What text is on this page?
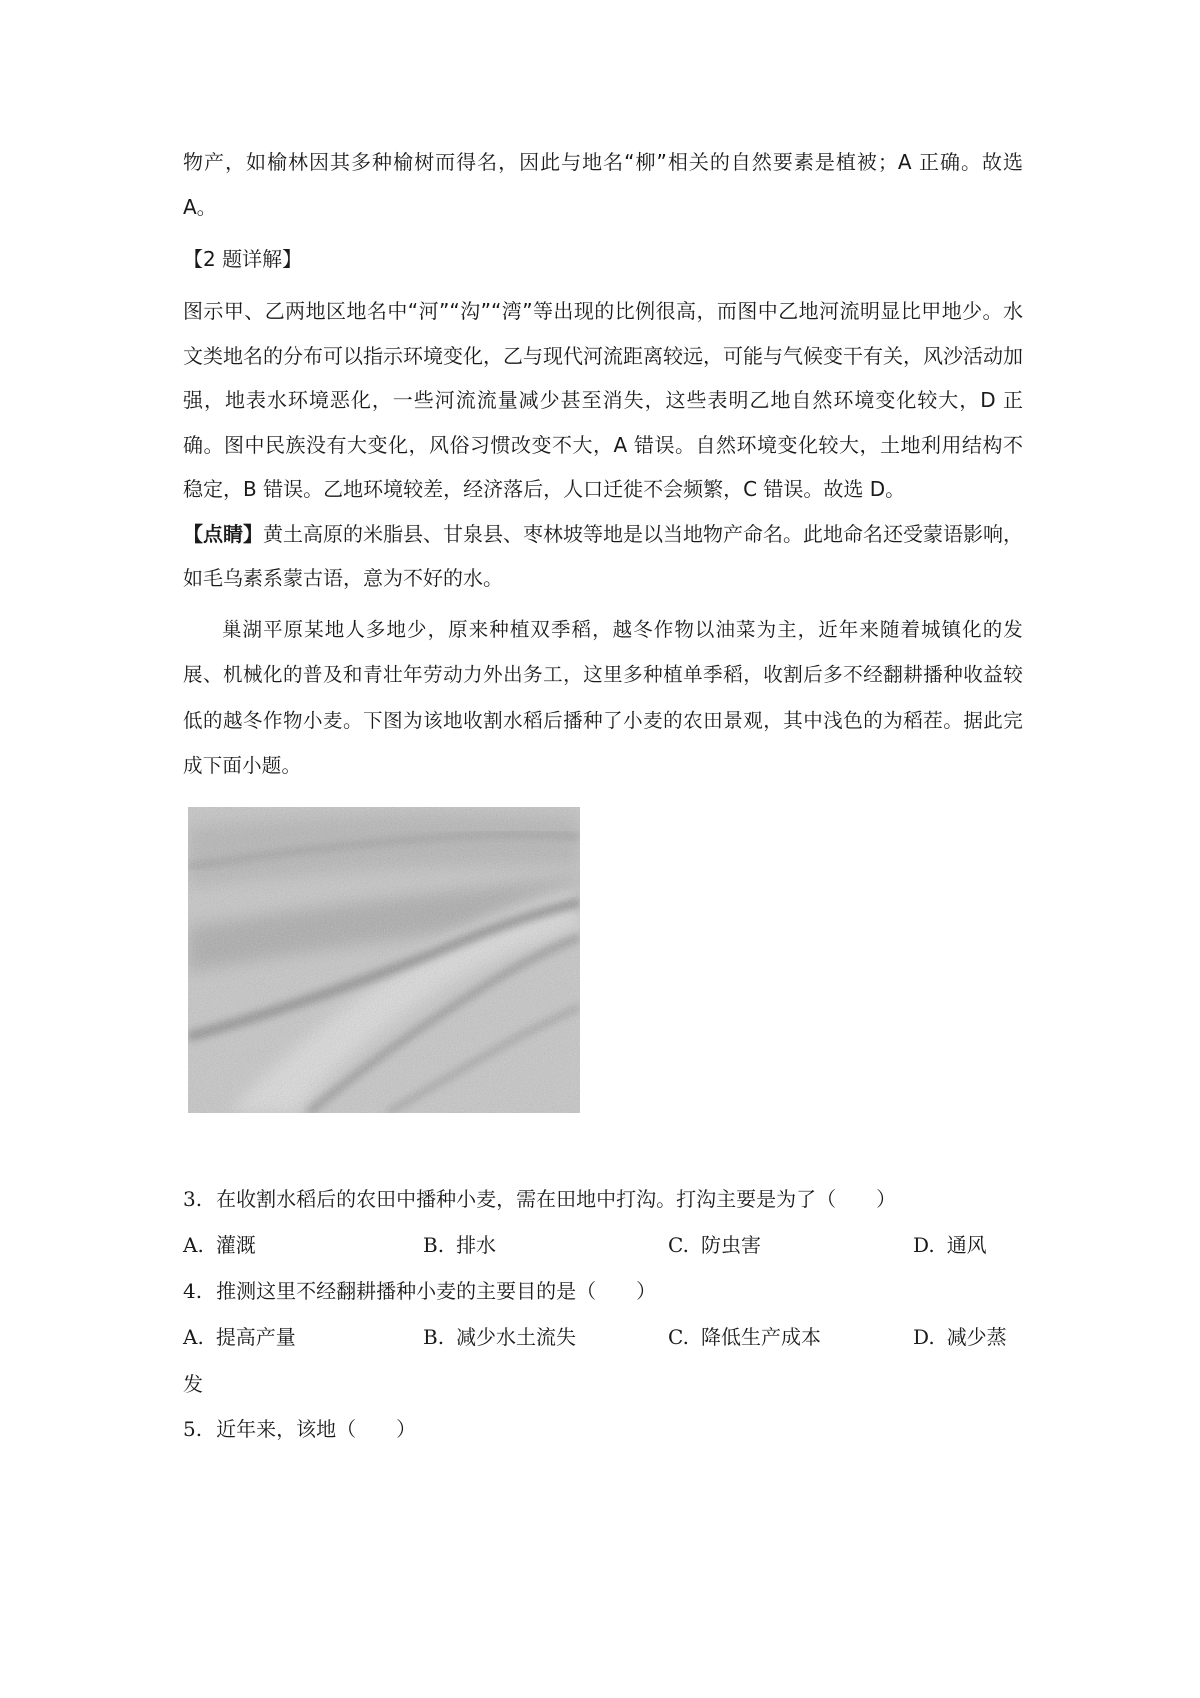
物产，如榆林因其多种榆树而得名，因此与地名“柳”相关的自然要素是植被；A 正确。故选 A。

【2 题详解】

图示甲、乙两地区地名中“河”“沟”“湾”等出现的比例很高，而图中乙地河流明显比甲地少。水文类地名的分布可以指示环境变化，乙与现代河流距离较远，可能与气候变干有关，风沙活动加强，地表水环境恶化，一些河流流量减少甚至消失，这些表明乙地自然环境变化较大，D 正确。图中民族没有大变化，风俗习惯改变不大，A 错误。自然环境变化较大，土地利用结构不稳定，B 错误。乙地环境较差，经济落后，人口迁徙不会频繁，C 错误。故选 D。

【点睛】黄土高原的米脂县、甘泉县、枣林坡等地是以当地物产命名。此地命名还受蒙语影响，如毛乌素系蒙古语，意为不好的水。

巢湖平原某地人多地少，原来种植双季稻，越冬作物以油菜为主，近年来随着城镇化的发展、机械化的普及和青壮年劳动力外出务工，这里多种植单季稻，收割后多不经翻耕播种收益较低的越冬作物小麦。下图为该地收割水稻后播种了小麦的农田景观，其中浅色的为稻茬。据此完成下面小题。

3. 在收割水稻后的农田中播种小麦，需在田地中打沟。打沟主要是为了（　　）

A. 灌溉	B. 排水	C. 防虫害	D. 通风

4. 推测这里不经翻耕播种小麦的主要目的是（　　）

A. 提高产量	B. 减少水土流失	C. 降低生产成本	D. 减少蒸

发

5. 近年来，该地（　　）
